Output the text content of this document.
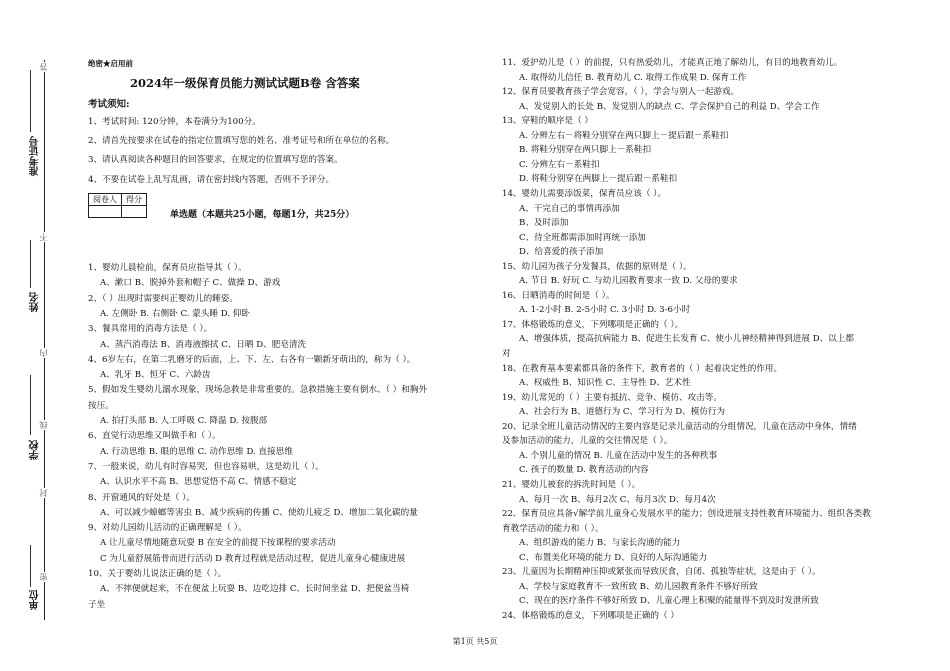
准考证号
姓名
学校
单位
答
不
内
线
封
密
绝密★启用前
2024年一级保育员能力测试试题B卷 含答案
考试须知:
1、考试时间: 120分钟，本卷满分为100分。
2、请首先按要求在试卷的指定位置填写您的姓名、准考证号和所在单位的名称。
3、请认真阅读各种题目的回答要求，在规定的位置填写您的答案。
4、不要在试卷上乱写乱画，请在密封线内答题，否则不予评分。
阅卷人	得分

单选题（本题共25小题，每题1分，共25分）
1、婴幼儿晨检前，保育员应指导其（ ）。
A、漱口 B、脱掉外套和帽子 C、做操 D、游戏
2、（ ）出现时需要纠正婴幼儿的睡姿。
A. 左侧卧 B. 右侧卧 C. 蒙头睡 D. 仰卧
3、餐具常用的消毒方法是（ ）。
A、蒸汽消毒法 B、消毒液擦拭 C、日晒 D、肥皂清洗
4、6岁左右，在第二乳磨牙的后面，上、下、左、右各有一颗新牙萌出的，称为（ ）。
A、乳牙 B、恒牙 C、六龄齿
5、假如发生婴幼儿溺水现象，现场急救是非常重要的。急救措施主要有倒水、（ ）和胸外
按压。
A. 拍打头部 B. 人工呼吸 C. 降温 D. 按腹部
6、直觉行动思维又叫做手和（ ）。
A. 行动思维 B. 眼的思维 C. 动作思维 D. 直接思维
7、一般来说，幼儿有时容易哭，但也容易哄，这是幼儿（ ）。
A、认识水平不高 B、思想觉悟不高 C、情感不稳定
8、开窗通风的好处是（ ）。
A、可以减少蟑螂等害虫 B、减少疾病的传播 C、使幼儿疲乏 D、增加二氧化碳的量
9、对幼儿园幼儿活动的正确理解是（ ）。
A 让儿童尽情地随意玩耍 B 在安全的前提下按课程的要求活动
C 为儿童舒展筋骨而进行活动 D 教育过程就是活动过程，促进儿童身心健康进展
10、关于婴幼儿说法正确的是（ ）。
A、不摔便就起来，不在便盆上玩耍 B、边吃边排 C、长时间坐盆 D、把便盆当椅
子坐
11、爱护幼儿是（ ）的前提，只有热爱幼儿，才能真正地了解幼儿，有目的地教育幼儿。
A. 取得幼儿信任 B. 教育幼儿 C. 取得工作成果 D. 保育工作
12、保育员要教育孩子学会宽容，（ ），学会与别人一起游戏。
A、发觉别人的长处 B、发觉别人的缺点 C、学会保护自己的利益 D、学会工作
13、穿鞋的顺序是（ ）
A. 分辨左右－将鞋分别穿在两只脚上－提后跟－系鞋扣
B. 将鞋分别穿在两只脚上－系鞋扣
C. 分辨左右－系鞋扣
D. 将鞋分别穿在两脚上－提后跟－系鞋扣
14、婴幼儿需要添饭菜，保育员应该（ ）。
A、干完自己的事情再添加
B、及时添加
C、待全班都需添加时再统一添加
D、给喜爱的孩子添加
15、幼儿园为孩子分发餐具，依据的原则是（ ）。
A. 节日 B. 好玩 C. 与幼儿园教育要求一致 D. 父母的要求
16、日晒消毒的时间是（ ）。
A. 1-2小时 B. 2-5小时 C. 3小时 D. 3-6小时
17、体格锻炼的意义，下列哪项是正确的（ ）。
A、增强体质，提高抗病能力 B、促进生长发育 C、使小儿神经精神得到进展 D、以上都
对
18、在教育基本要素都具备的条件下，教育者的（ ）起着决定性的作用。
A、权威性 B、知识性 C、主导性 D、艺术性
19、幼儿常见的（ ）主要有抵抗、竞争、模仿、攻击等。
A、社会行为 B、道德行为 C、学习行为 D、模仿行为
20、记录全班儿童活动情况的主要内容是记录儿童活动的分组情况，儿童在活动中身体，情绪
及参加活动的能力，儿童的交往情况是（ ）。
A. 个别儿童的情况 B. 儿童在活动中发生的各种秩事
C. 孩子的数量 D. 教育活动的内容
21、婴幼儿被套的拆洗时间是（ ）。
A、每月一次 B、每月2次 C、每月3次 D、每月4次
22、保育员应具备√解学前儿童身心发展水平的能力；创设进展支持性教育环境能力、组织各类教
育教学活动的能力和（ ）。
A、组织游戏的能力 B、与家长沟通的能力
C、布置美化环境的能力 D、良好的人际沟通能力
23、儿童因为长期精神压抑或紧张而导致厌食，自闭、孤独等症状，这是由于（ ）。
A、学校与家庭教育不一致所致 B、幼儿园教育条件不够好所致
C、现在的医疗条件不够好所致 D、儿童心理上积聚的能量得不到及时发泄所致
24、体格锻炼的意义，下列哪项是正确的（ ）
第1页 共5页
